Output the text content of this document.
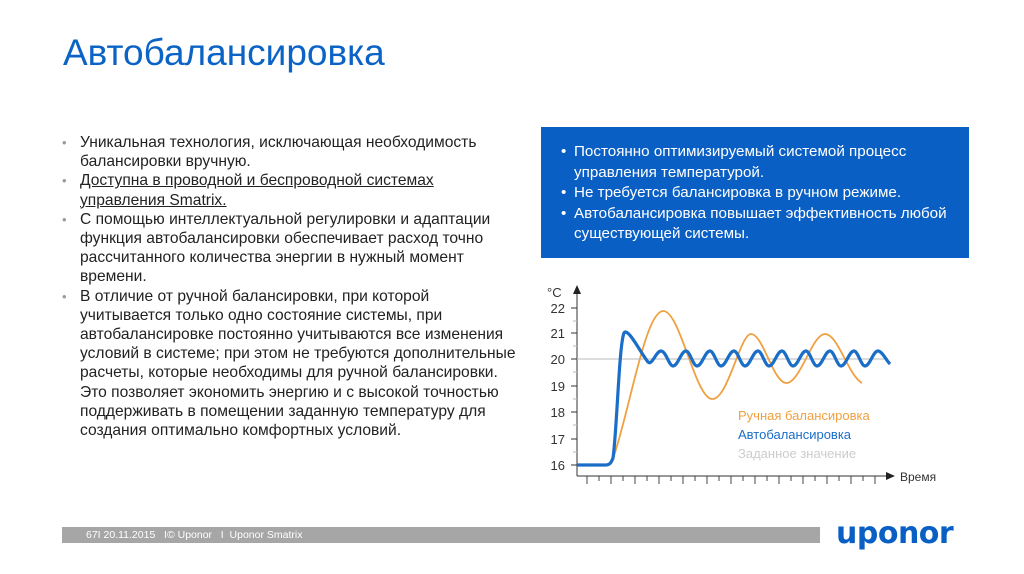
Автобалансировка
• Уникальная технология, исключающая необходимость балансировки вручную.
• Доступна в проводной и беспроводной системах управления Smatrix.
• С помощью интеллектуальной регулировки и адаптации функция автобалансировки обеспечивает расход точно рассчитанного количества энергии в нужный момент времени.
• В отличие от ручной балансировки, при которой учитывается только одно состояние системы, при автобалансировке постоянно учитываются все изменения условий в системе; при этом не требуются дополнительные расчеты, которые необходимы для ручной балансировки. Это позволяет экономить энергию и с высокой точностью поддерживать в помещении заданную температуру для создания оптимально комфортных условий.
• Постоянно оптимизируемый системой процесс управления температурой.
• Не требуется балансировка в ручном режиме.
• Автобалансировка повышает эффективность любой существующей системы.
°C
22
21
20
19
18
17
16
Время
Ручная балансировка
Автобалансировка
Заданное значение
67I 20.11.2015   I© Uponor   I  Uponor Smatrix	uponor
